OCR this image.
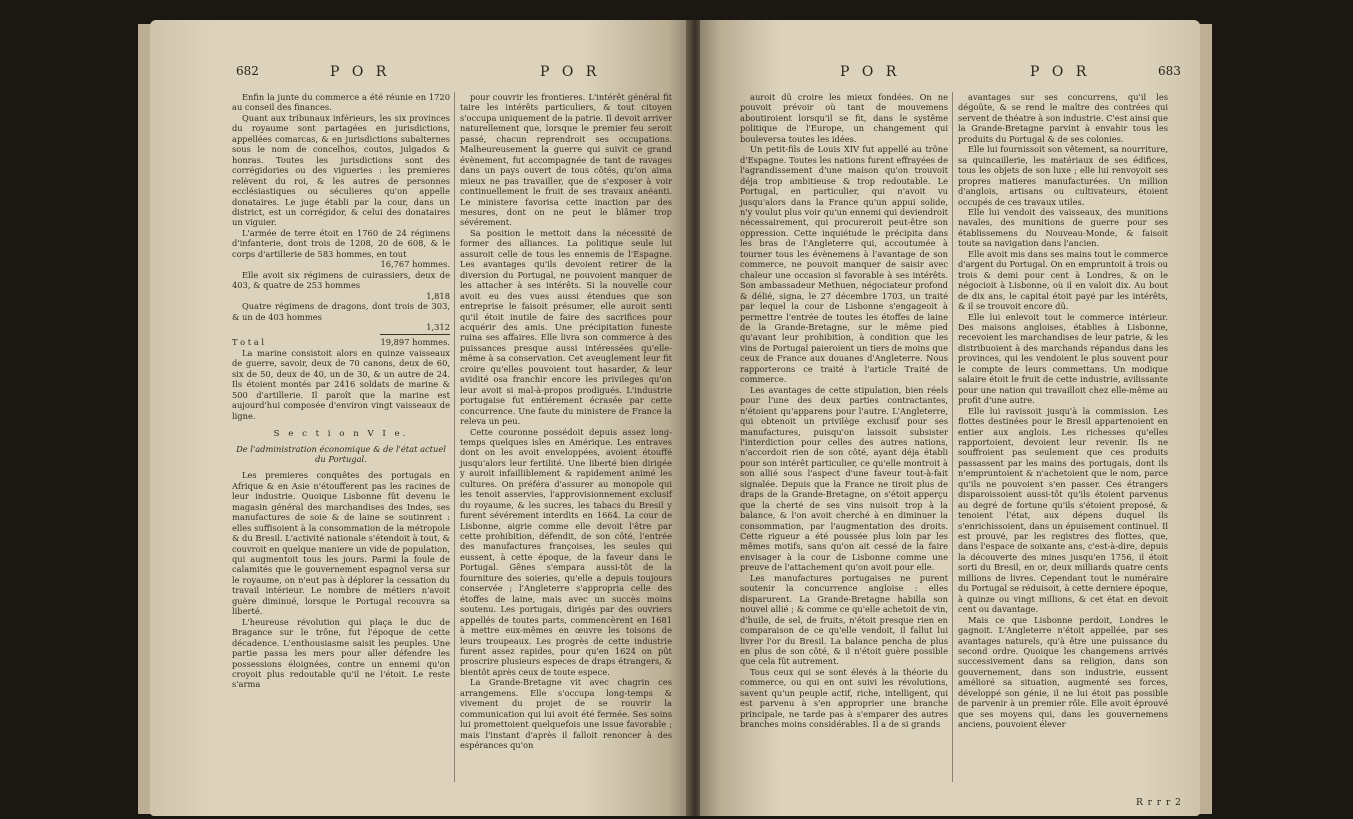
682	P O R	P O R

Enfin la junte du commerce a été réunie en 1720 au conseil des finances.

Quant aux tribunaux inférieurs, les six provinces du royaume sont partagées en jurisdictions, appellées comarcas, & en jurisdictions subalternes sous le nom de concelhos, coutos, julgados & honras. Toutes les jurisdictions sont des corrégidories ou des vigueries : les premieres relèvent du roi, & les autres de personnes ecclésiastiques ou séculieres qu'on appelle donataires. Le juge établi par la cour, dans un district, est un corrégidor, & celui des donataires un viguier.

L'armée de terre étoit en 1760 de 24 régimens d'infanterie, dont trois de 1208, 20 de 608, & le corps d'artillerie de 583 hommes, en tout

16,767 hommes.

Elle avoit six régimens de cuirassiers, deux de 403, & quatre de 253 hommes

1,818

Quatre régimens de dragons, dont trois de 303, & un de 403 hommes

1,312
T o t a l	19,897 hommes.

La marine consistoit alors en quinze vaisseaux de guerre, savoir, deux de 70 canons, deux de 60, six de 50, deux de 40, un de 30, & un autre de 24. Ils étoient montés par 2416 soldats de marine & 500 d'artillerie. Il paroît que la marine est aujourd'hui composée d'environ vingt vaisseaux de ligne.

S e c t i o n V I e.

De l'administration économique & de l'état actuel du Portugal.

Les premieres conquêtes des portugais en Afrique & en Asie n'étoufferent pas les racines de leur industrie. Quoique Lisbonne fût devenu le magasin général des marchandises des Indes, ses manufactures de soie & de laine se soutinrent : elles suffisoient à la consommation de la métropole & du Bresil. L'activité nationale s'étendoit à tout, & couvroit en quelque maniere un vide de population, qui augmentoit tous les jours. Parmi la foule de calamités que le gouvernement espagnol versa sur le royaume, on n'eut pas à déplorer la cessation du travail intérieur. Le nombre de métiers n'avoit guère diminué, lorsque le Portugal recouvra sa liberté.

L'heureuse révolution qui plaça le duc de Bragance sur le trône, fut l'époque de cette décadence. L'enthousiasme saisit les peuples. Une partie passa les mers pour aller défendre les possessions éloignées, contre un ennemi qu'on croyoit plus redoutable qu'il ne l'étoit. Le reste s'arma

pour couvrir les frontieres. L'intérêt général fit taire les intérêts particuliers, & tout citoyen s'occupa uniquement de la patrie. Il devoit arriver naturellement que, lorsque le premier feu seroit passé, chacun reprendroit ses occupations. Malheureusement la guerre qui suivit ce grand évènement, fut accompagnée de tant de ravages dans un pays ouvert de tous côtés, qu'on aima mieux ne pas travailler, que de s'exposer à voir continuellement le fruit de ses travaux anéanti. Le ministere favorisa cette inaction par des mesures, dont on ne peut le blâmer trop sévérement.

Sa position le mettoit dans la nécessité de former des alliances. La politique seule lui assuroit celle de tous les ennemis de l'Espagne. Les avantages qu'ils devoient retirer de la diversion du Portugal, ne pouvoient manquer de les attacher à ses intérêts. Si la nouvelle cour avoit eu des vues aussi étendues que son entreprise le faisoit présumer, elle auroit senti qu'il étoit inutile de faire des sacrifices pour acquérir des amis. Une précipitation funeste ruina ses affaires. Elle livra son commerce à des puissances presque aussi intéressées qu'elle-même à sa conservation. Cet aveuglement leur fit croire qu'elles pouvoient tout hasarder, & leur avidité osa franchir encore les privileges qu'on leur avoit si mal-à-propos prodigués. L'industrie portugaise fut entiérement écrasée par cette concurrence. Une faute du ministere de France la releva un peu.

Cette couronne possédoit depuis assez long-temps quelques isles en Amérique. Les entraves dont on les avoit enveloppées, avoient étouffé jusqu'alors leur fertilité. Une liberté bien dirigée y auroit infailliblement & rapidement animé les cultures. On préféra d'assurer au monopole qui les tenoit asservies, l'approvisionnement exclusif du royaume, & les sucres, les tabacs du Bresil y furent sévérement interdits en 1664. La cour de Lisbonne, aigrie comme elle devoit l'être par cette prohibition, défendit, de son côté, l'entrée des manufactures françoises, les seules qui eussent, à cette époque, de la faveur dans le Portugal. Gênes s'empara aussi-tôt de la fourniture des soieries, qu'elle a depuis toujours conservée ; l'Angleterre s'appropria celle des étoffes de laine, mais avec un succès moins soutenu. Les portugais, dirigés par des ouvriers appellés de toutes parts, commencèrent en 1681 à mettre eux-mêmes en œuvre les toisons de leurs troupeaux. Les progrès de cette industrie furent assez rapides, pour qu'en 1624 on pût proscrire plusieurs especes de draps étrangers, & bientôt après ceux de toute espece.

La Grande-Bretagne vit avec chagrin ces arrangemens. Elle s'occupa long-temps & vivement du projet de se rouvrir la communication qui lui avoit été fermée. Ses soins lui promettoient quelquefois une issue favorable ; mais l'instant d'après il falloit renoncer à des espérances qu'on

P O R	P O R	683

auroit dû croire les mieux fondées. On ne pouvoit prévoir où tant de mouvemens aboutiroient lorsqu'il se fit, dans le systême politique de l'Europe, un changement qui bouleversa toutes les idées.

Un petit-fils de Louis XIV fut appellé au trône d'Espagne. Toutes les nations furent effrayées de l'agrandissement d'une maison qu'on trouvoit déja trop ambitieuse & trop redoutable. Le Portugal, en particulier, qui n'avoit vu jusqu'alors dans la France qu'un appui solide, n'y voulut plus voir qu'un ennemi qui deviendroit nécessairement, qui procureroit peut-être son oppression. Cette inquiétude le précipita dans les bras de l'Angleterre qui, accoutumée à tourner tous les évènemens à l'avantage de son commerce, ne pouvoit manquer de saisir avec chaleur une occasion si favorable à ses intérêts. Son ambassadeur Methuen, négociateur profond & délié, signa, le 27 décembre 1703, un traité par lequel la cour de Lisbonne s'engageoit à permettre l'entrée de toutes les étoffes de laine de la Grande-Bretagne, sur le même pied qu'avant leur prohibition, à condition que les vins de Portugal paieroient un tiers de moins que ceux de France aux douanes d'Angleterre. Nous rapporterons ce traité à l'article Traité de commerce.

Les avantages de cette stipulation, bien réels pour l'une des deux parties contractantes, n'étoient qu'apparens pour l'autre. L'Angleterre, qui obtenoit un privilège exclusif pour ses manufactures, puisqu'on laissoit subsister l'interdiction pour celles des autres nations, n'accordoit rien de son côté, ayant déja établi pour son intérêt particulier, ce qu'elle montroit à son allié sous l'aspect d'une faveur tout-à-fait signalée. Depuis que la France ne tiroit plus de draps de la Grande-Bretagne, on s'étoit apperçu que la cherté de ses vins nuisoit trop à la balance, & l'on avoit cherché à en diminuer la consommation, par l'augmentation des droits. Cette rigueur a été poussée plus loin par les mêmes motifs, sans qu'on ait cessé de la faire envisager à la cour de Lisbonne comme une preuve de l'attachement qu'on avoit pour elle.

Les manufactures portugaises ne purent soutenir la concurrence angloise : elles disparurent. La Grande-Bretagne habilla son nouvel allié ; & comme ce qu'elle achetoit de vin, d'huile, de sel, de fruits, n'étoit presque rien en comparaison de ce qu'elle vendoit, il fallut lui livrer l'or du Bresil. La balance pencha de plus en plus de son côté, & il n'étoit guère possible que cela fût autrement.

Tous ceux qui se sont élevés à la théorie du commerce, ou qui en ont suivi les révolutions, savent qu'un peuple actif, riche, intelligent, qui est parvenu à s'en approprier une branche principale, ne tarde pas à s'emparer des autres branches moins considérables. Il a de si grands

avantages sur ses concurrens, qu'il les dégoûte, & se rend le maître des contrées qui servent de théatre à son industrie. C'est ainsi que la Grande-Bretagne parvint à envahir tous les produits du Portugal & de ses colonies.

Elle lui fournissoit son vêtement, sa nourriture, sa quincaillerie, les matériaux de ses édifices, tous les objets de son luxe ; elle lui renvoyoit ses propres matieres manufacturées. Un million d'anglois, artisans ou cultivateurs, étoient occupés de ces travaux utiles.

Elle lui vendoit des vaisseaux, des munitions navales, des munitions de guerre pour ses établissemens du Nouveau-Monde, & faisoit toute sa navigation dans l'ancien.

Elle avoit mis dans ses mains tout le commerce d'argent du Portugal. On en empruntoit à trois ou trois & demi pour cent à Londres, & on le négocioit à Lisbonne, où il en valoit dix. Au bout de dix ans, le capital étoit payé par les intérêts, & il se trouvoit encore dû.

Elle lui enlevoit tout le commerce intérieur. Des maisons angloises, établies à Lisbonne, recevoient les marchandises de leur patrie, & les distribuoient à des marchands répandus dans les provinces, qui les vendoient le plus souvent pour le compte de leurs commettans. Un modique salaire étoit le fruit de cette industrie, avilissante pour une nation qui travailloit chez elle-même au profit d'une autre.

Elle lui ravissoit jusqu'à la commission. Les flottes destinées pour le Bresil appartenoient en entier aux anglois. Les richesses qu'elles rapportoient, devoient leur revenir. Ils ne souffroient pas seulement que ces produits passassent par les mains des portugais, dont ils n'empruntoient & n'achetoient que le nom, parce qu'ils ne pouvoient s'en passer. Ces étrangers disparoissoient aussi-tôt qu'ils étoient parvenus au degré de fortune qu'ils s'étoient proposé, & tenoient l'état, aux dépens duquel ils s'enrichissoient, dans un épuisement continuel. Il est prouvé, par les registres des flottes, que, dans l'espace de soixante ans, c'est-à-dire, depuis la découverte des mines jusqu'en 1756, il étoit sorti du Bresil, en or, deux milliards quatre cents millions de livres. Cependant tout le numéraire du Portugal se réduisoit, à cette derniere époque, à quinze ou vingt millions, & cet état en devoit cent ou davantage.

Mais ce que Lisbonne perdoit, Londres le gagnoit. L'Angleterre n'étoit appellée, par ses avantages naturels, qu'à être une puissance du second ordre. Quoique les changemens arrivés successivement dans sa religion, dans son gouvernement, dans son industrie, eussent amélioré sa situation, augmenté ses forces, développé son génie, il ne lui étoit pas possible de parvenir à un premier rôle. Elle avoit éprouvé que ses moyens qui, dans les gouvernemens anciens, pouvoient élever

R r r r 2
